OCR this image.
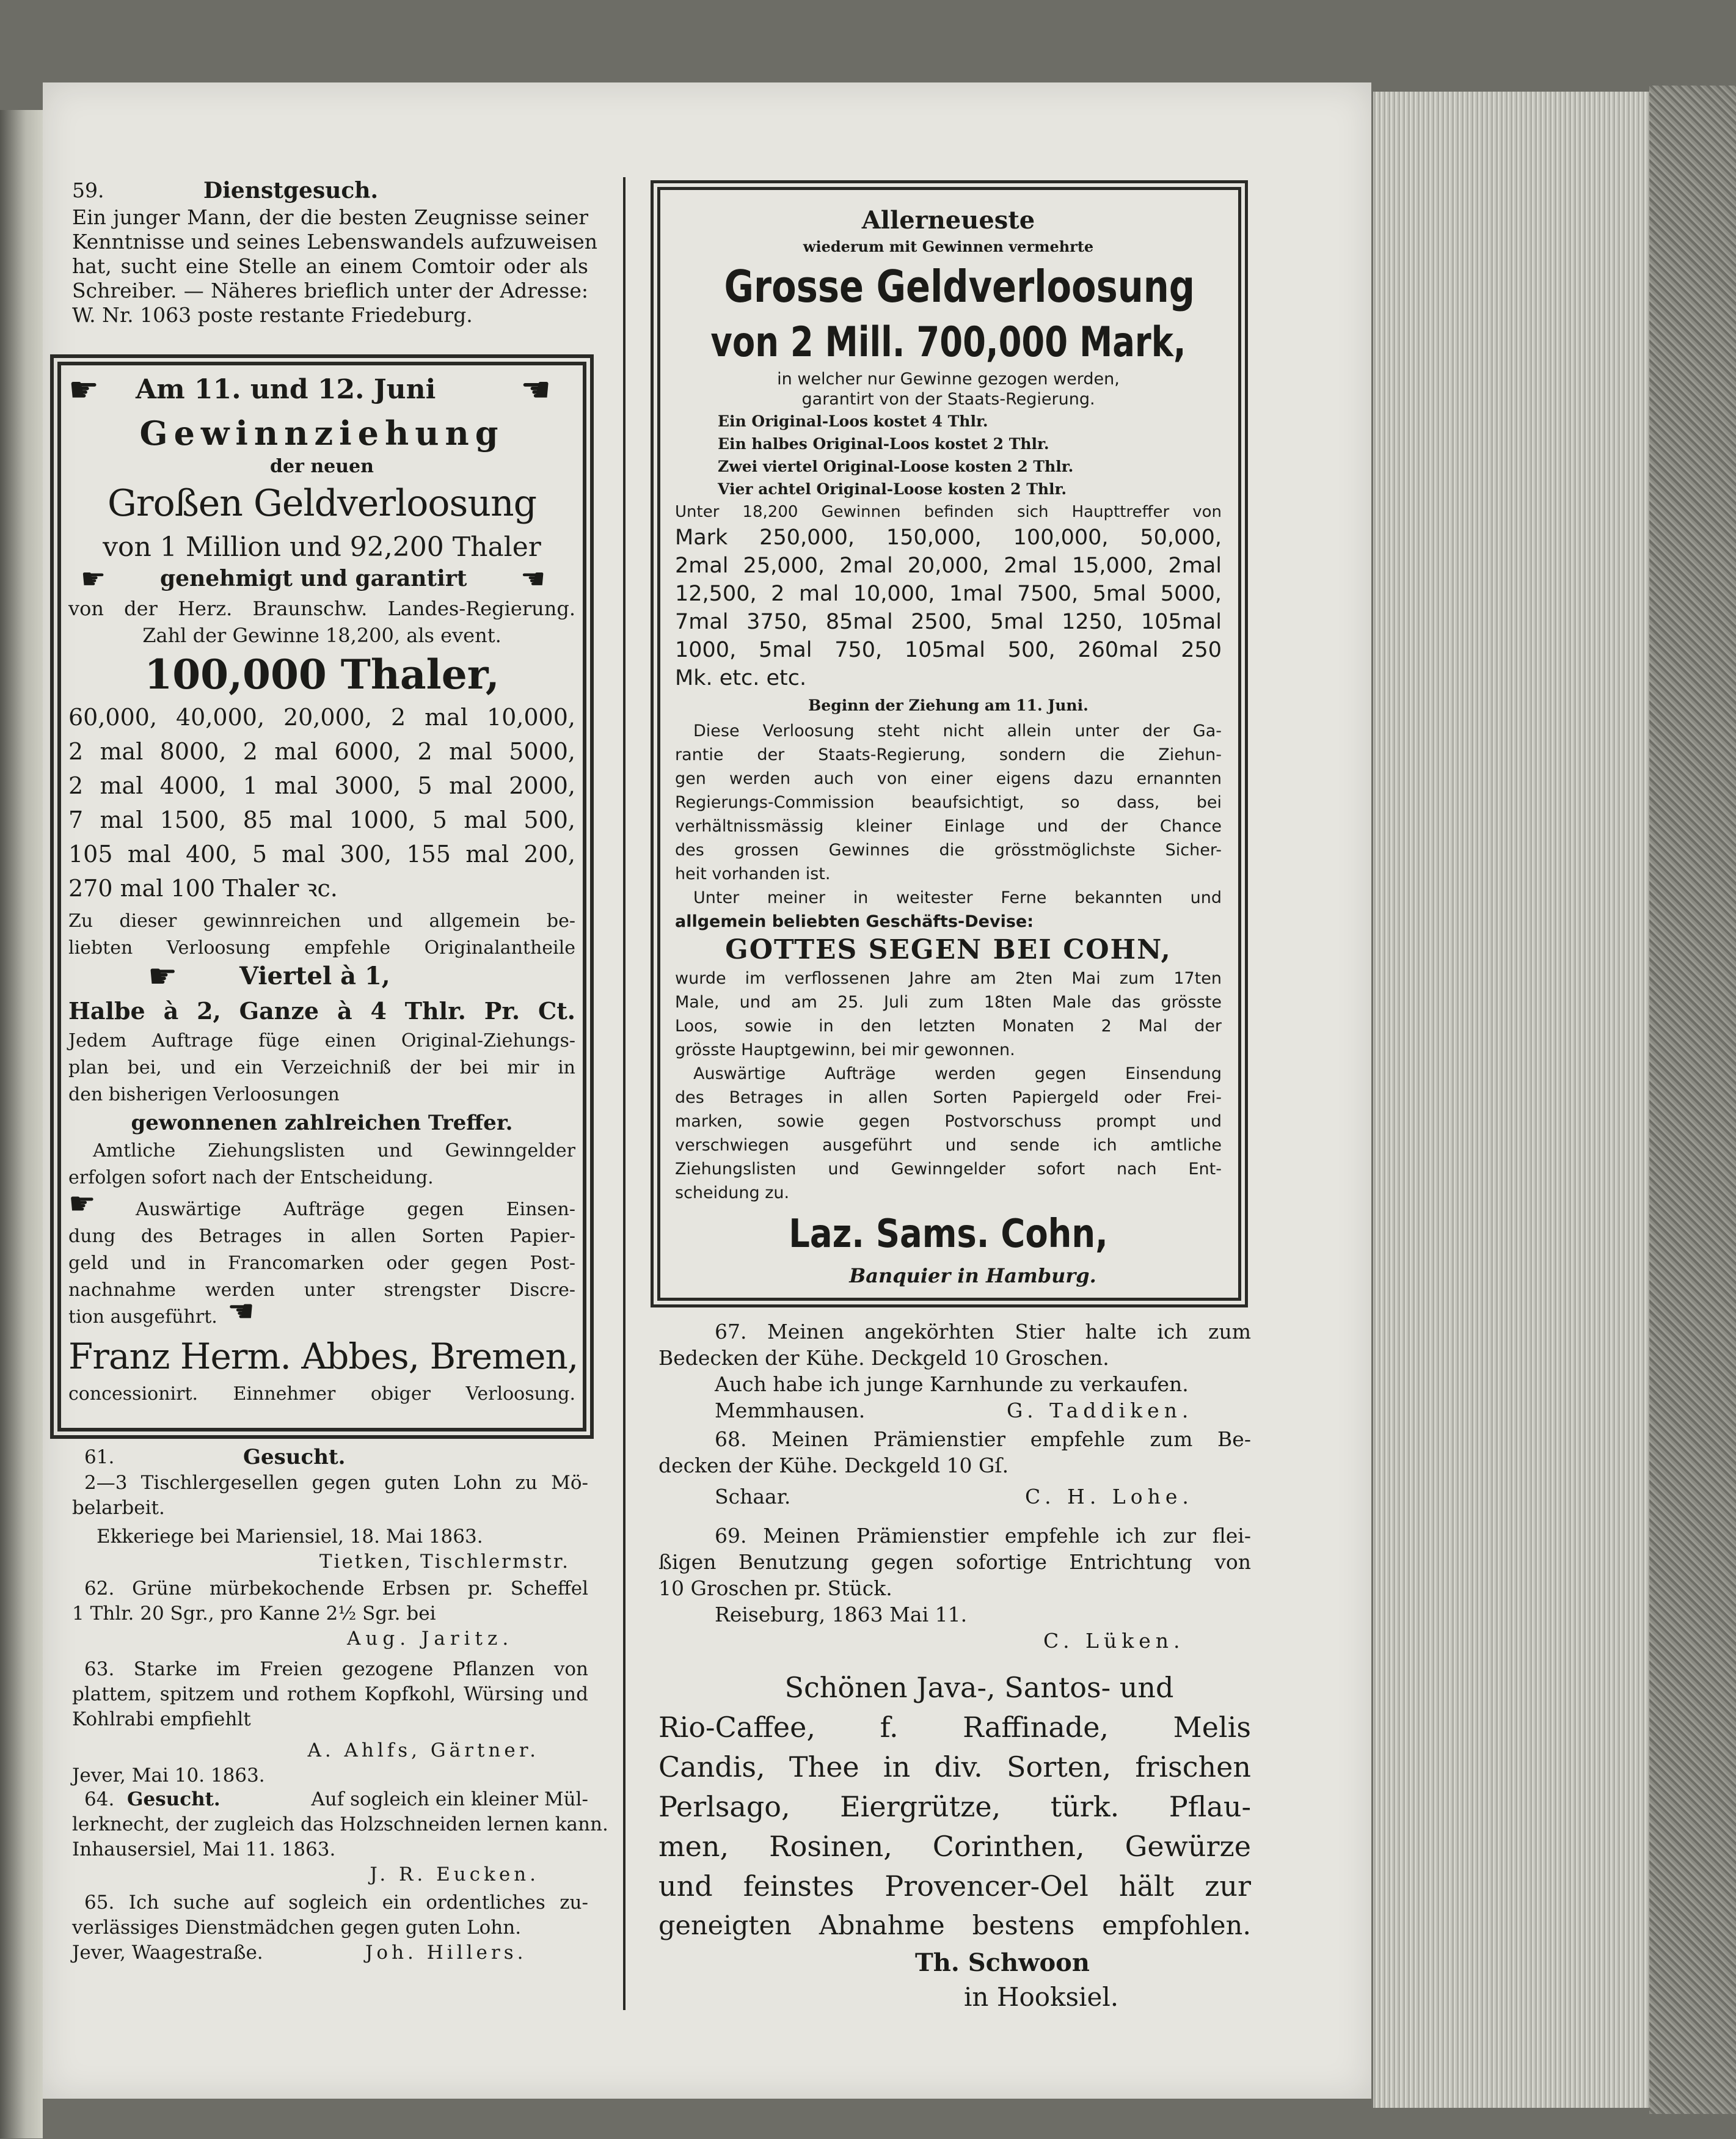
59.	Dienstgesuch.
Ein junger Mann, der die besten Zeugnisse seiner
Kenntnisse und seines Lebenswandels aufzuweisen
hat, sucht eine Stelle an einem Comtoir oder als
Schreiber. — Näheres brieflich unter der Adresse:
W. Nr. 1063 poste restante Friedeburg.
☛ Am 11. und 12. Juni ☛
Gewinnziehung
der neuen
Großen Geldverloosung
von 1 Million und 92,200 Thaler
☛ genehmigt und garantirt ☛
von der Herz. Braunschw. Landes-Regierung.
Zahl der Gewinne 18,200, als event.
100,000 Thaler,
60,000, 40,000, 20,000, 2 mal 10,000,
2 mal 8000, 2 mal 6000, 2 mal 5000,
2 mal 4000, 1 mal 3000, 5 mal 2000,
7 mal 1500, 85 mal 1000, 5 mal 500,
105 mal 400, 5 mal 300, 155 mal 200,
270 mal 100 Thaler ꝛc.
Zu dieser gewinnreichen und allgemein be-
liebten Verloosung empfehle Originalantheile
☛	Viertel à 1,
Halbe à 2, Ganze à 4 Thlr. Pr. Ct.
Jedem Auftrage füge einen Original-Ziehungs-
plan bei, und ein Verzeichniß der bei mir in
den bisherigen Verloosungen
gewonnenen zahlreichen Treffer.
Amtliche Ziehungslisten und Gewinngelder
erfolgen sofort nach der Entscheidung.
☛	Auswärtige Aufträge gegen Einsen-
dung des Betrages in allen Sorten Papier-
geld und in Francomarken oder gegen Post-
nachnahme werden unter strengster Discre-
tion ausgeführt. ☛
Franz Herm. Abbes, Bremen,
concessionirt. Einnehmer obiger Verloosung.
61.	Gesucht.
2—3 Tischlergesellen gegen guten Lohn zu Mö-
belarbeit.
Ekkeriege bei Mariensiel, 18. Mai 1863.
Tietken, Tischlermstr.
62. Grüne mürbekochende Erbsen pr. Scheffel
1 Thlr. 20 Sgr., pro Kanne 2½ Sgr. bei
Aug. Jaritz.
63. Starke im Freien gezogene Pflanzen von
plattem, spitzem und rothem Kopfkohl, Würsing und
Kohlrabi empfiehlt
A. Ahlfs, Gärtner.
Jever, Mai 10. 1863.
64. Gesucht.	Auf sogleich ein kleiner Mül-
lerknecht, der zugleich das Holzschneiden lernen kann.
Inhausersiel, Mai 11. 1863.
J. R. Eucken.
65. Ich suche auf sogleich ein ordentliches zu-
verlässiges Dienstmädchen gegen guten Lohn.
Jever, Waagestraße.	Joh. Hillers.
Allerneueste
wiederum mit Gewinnen vermehrte
Grosse Geldverloosung
von 2 Mill. 700,000 Mark,
in welcher nur Gewinne gezogen werden,
garantirt von der Staats-Regierung.
Ein Original-Loos kostet 4 Thlr.
Ein halbes Original-Loos kostet 2 Thlr.
Zwei viertel Original-Loose kosten 2 Thlr.
Vier achtel Original-Loose kosten 2 Thlr.
Unter 18,200 Gewinnen befinden sich Haupttreffer von
Mark 250,000, 150,000, 100,000, 50,000,
2mal 25,000, 2mal 20,000, 2mal 15,000, 2mal
12,500, 2 mal 10,000, 1mal 7500, 5mal 5000,
7mal 3750, 85mal 2500, 5mal 1250, 105mal
1000, 5mal 750, 105mal 500, 260mal 250
Mk. etc. etc.
Beginn der Ziehung am 11. Juni.
Diese Verloosung steht nicht allein unter der Ga-
rantie der Staats-Regierung, sondern die Ziehun-
gen werden auch von einer eigens dazu ernannten
Regierungs-Commission beaufsichtigt, so dass, bei
verhältnissmässig kleiner Einlage und der Chance
des grossen Gewinnes die grösstmöglichste Sicher-
heit vorhanden ist.
Unter meiner in weitester Ferne bekannten und
allgemein beliebten Geschäfts-Devise:
GOTTES SEGEN BEI COHN,
wurde im verflossenen Jahre am 2ten Mai zum 17ten
Male, und am 25. Juli zum 18ten Male das grösste
Loos, sowie in den letzten Monaten 2 Mal der
grösste Hauptgewinn, bei mir gewonnen.
Auswärtige Aufträge werden gegen Einsendung
des Betrages in allen Sorten Papiergeld oder Frei-
marken, sowie gegen Postvorschuss prompt und
verschwiegen ausgeführt und sende ich amtliche
Ziehungslisten und Gewinngelder sofort nach Ent-
scheidung zu.
Laz. Sams. Cohn,
Banquier in Hamburg.
67. Meinen angekörhten Stier halte ich zum
Bedecken der Kühe. Deckgeld 10 Groschen.
Auch habe ich junge Karnhunde zu verkaufen.
Memmhausen.	G. Taddiken.
68. Meinen Prämienstier empfehle zum Be-
decken der Kühe. Deckgeld 10 Gſ.
Schaar.	C. H. Lohe.
69. Meinen Prämienstier empfehle ich zur flei-
ßigen Benutzung gegen sofortige Entrichtung von
10 Groschen pr. Stück.
Reiseburg, 1863 Mai 11.
C. Lüken.
Schönen Java-, Santos- und
Rio-Caffee, f. Raffinade, Melis
Candis, Thee in div. Sorten, frischen
Perlsago, Eiergrütze, türk. Pflau-
men, Rosinen, Corinthen, Gewürze
und feinstes Provencer-Oel hält zur
geneigten Abnahme bestens empfohlen.
Th. Schwoon
in Hooksiel.
